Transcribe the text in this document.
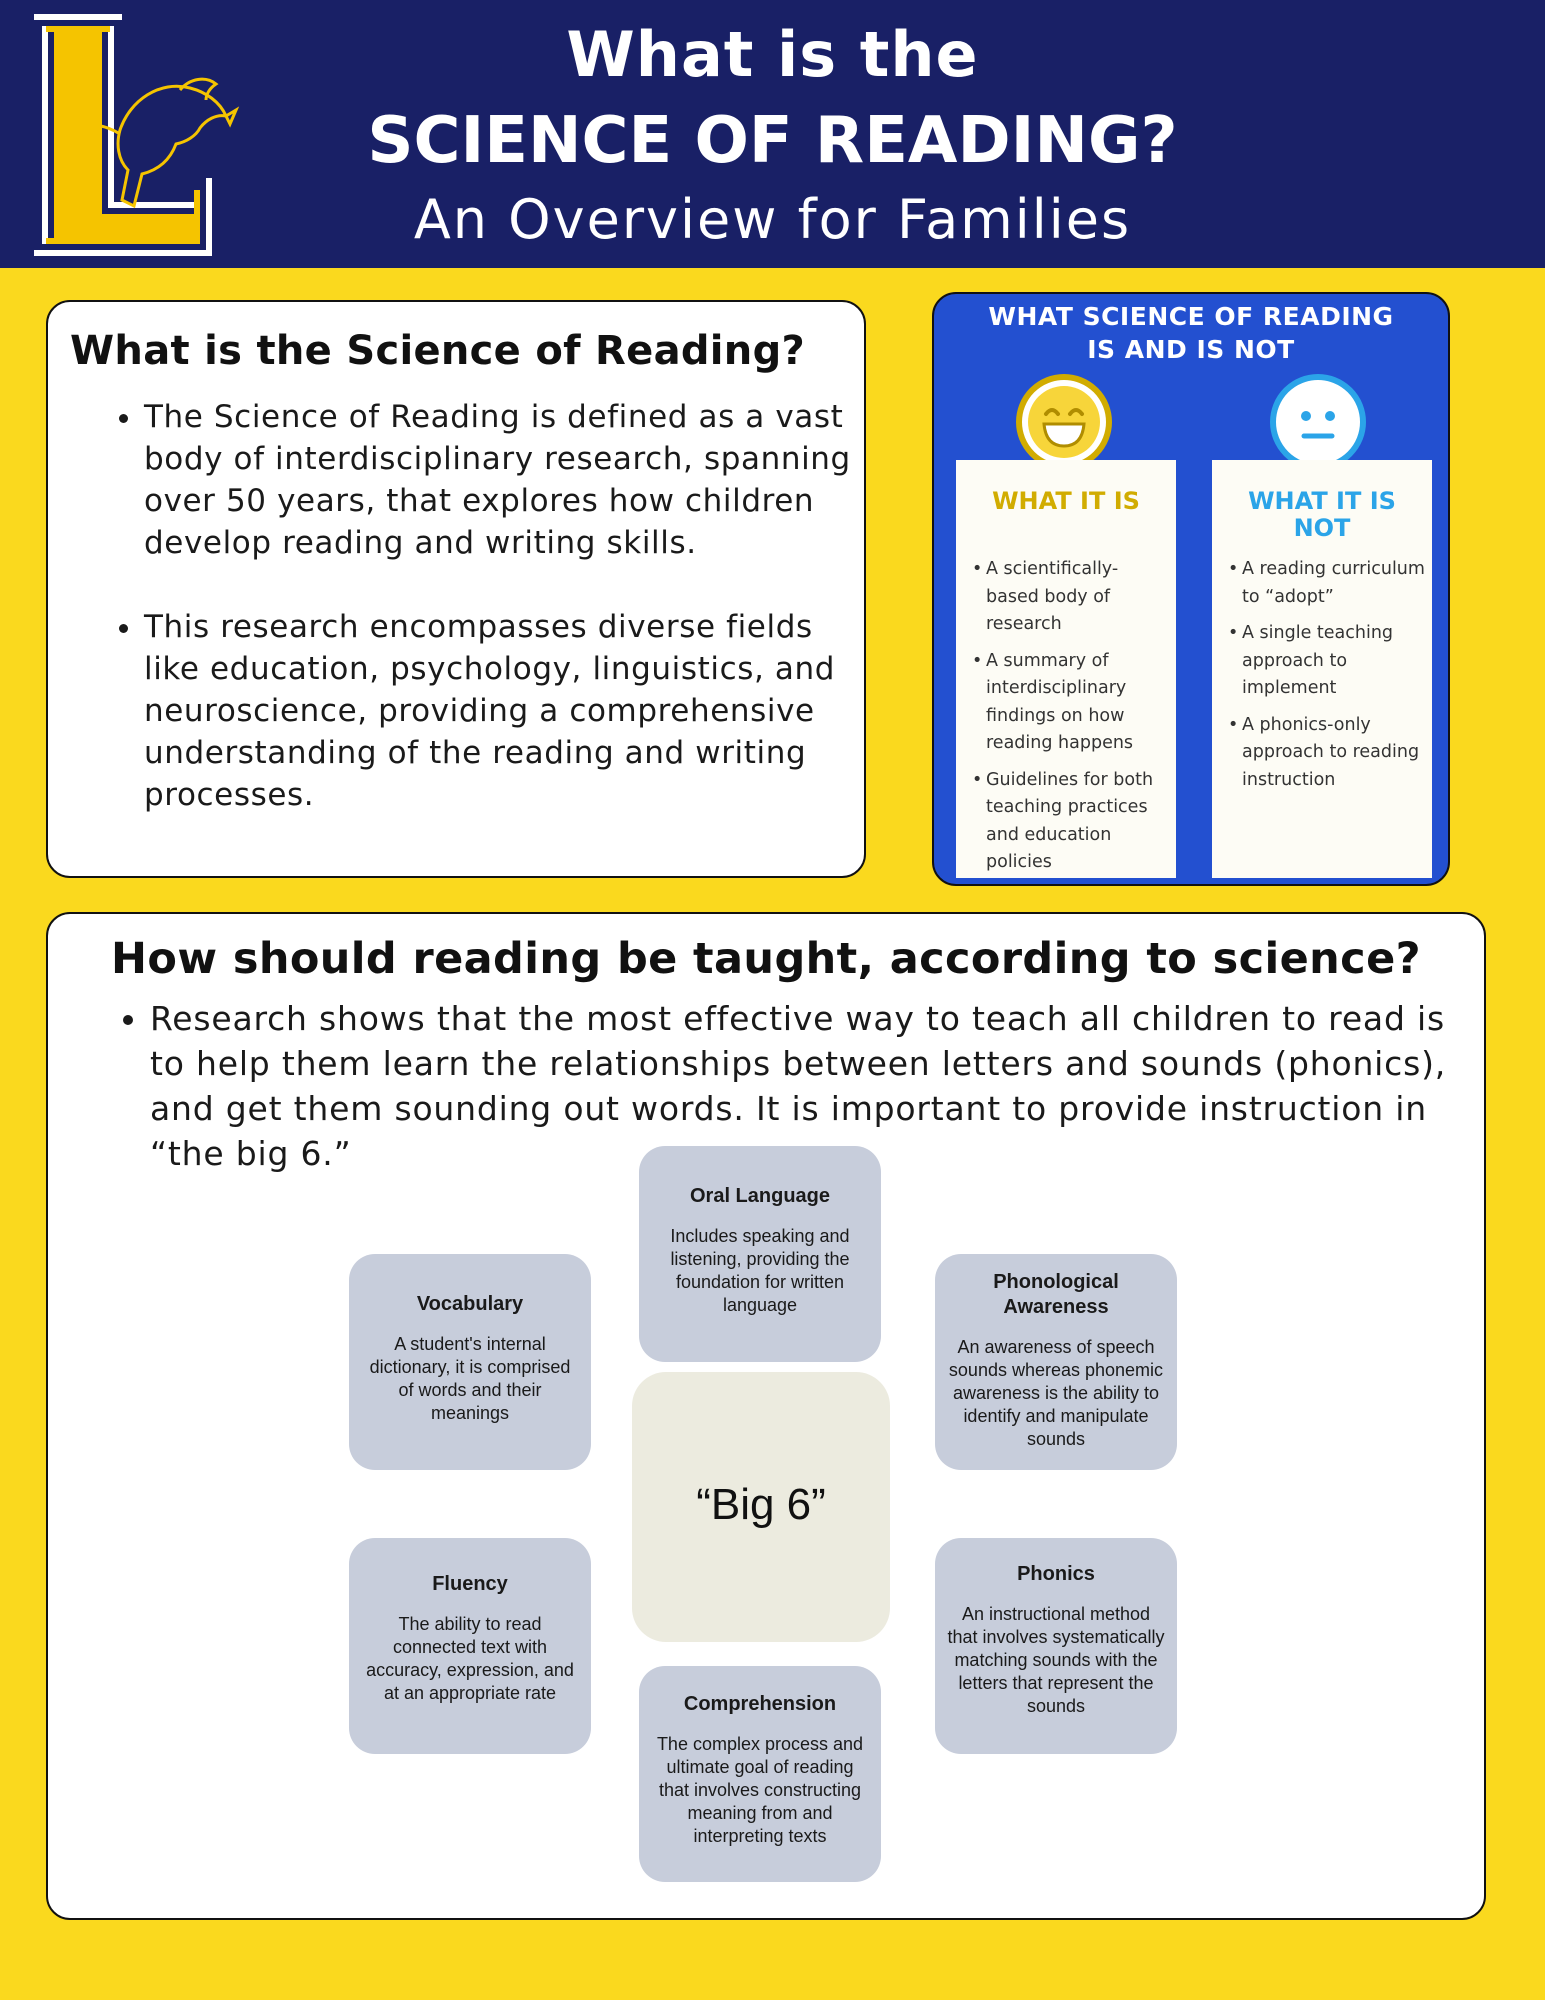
L	What is the
SCIENCE OF READING?
An Overview for Families
What is the Science of Reading?
• The Science of Reading is defined as a vast body of interdisciplinary research, spanning over 50 years, that explores how children develop reading and writing skills.
• This research encompasses diverse fields like education, psychology, linguistics, and neuroscience, providing a comprehensive understanding of the reading and writing processes.
WHAT SCIENCE OF READING
IS AND IS NOT
WHAT IT IS
• A scientifically-based body of research
• A summary of interdisciplinary findings on how reading happens
• Guidelines for both teaching practices and education policies
WHAT IT IS NOT
• A reading curriculum to “adopt”
• A single teaching approach to implement
• A phonics-only approach to reading instruction
How should reading be taught, according to science?
• Research shows that the most effective way to teach all children to read is to help them learn the relationships between letters and sounds (phonics), and get them sounding out words. It is important to provide instruction in “the big 6.”
Oral Language
Includes speaking and listening, providing the foundation for written language
Vocabulary
A student's internal dictionary, it is comprised of words and their meanings
Phonological Awareness
An awareness of speech sounds whereas phonemic awareness is the ability to identify and manipulate sounds
“Big 6”
Fluency
The ability to read connected text with accuracy, expression, and at an appropriate rate
Phonics
An instructional method that involves systematically matching sounds with the letters that represent the sounds
Comprehension
The complex process and ultimate goal of reading that involves constructing meaning from and interpreting texts
